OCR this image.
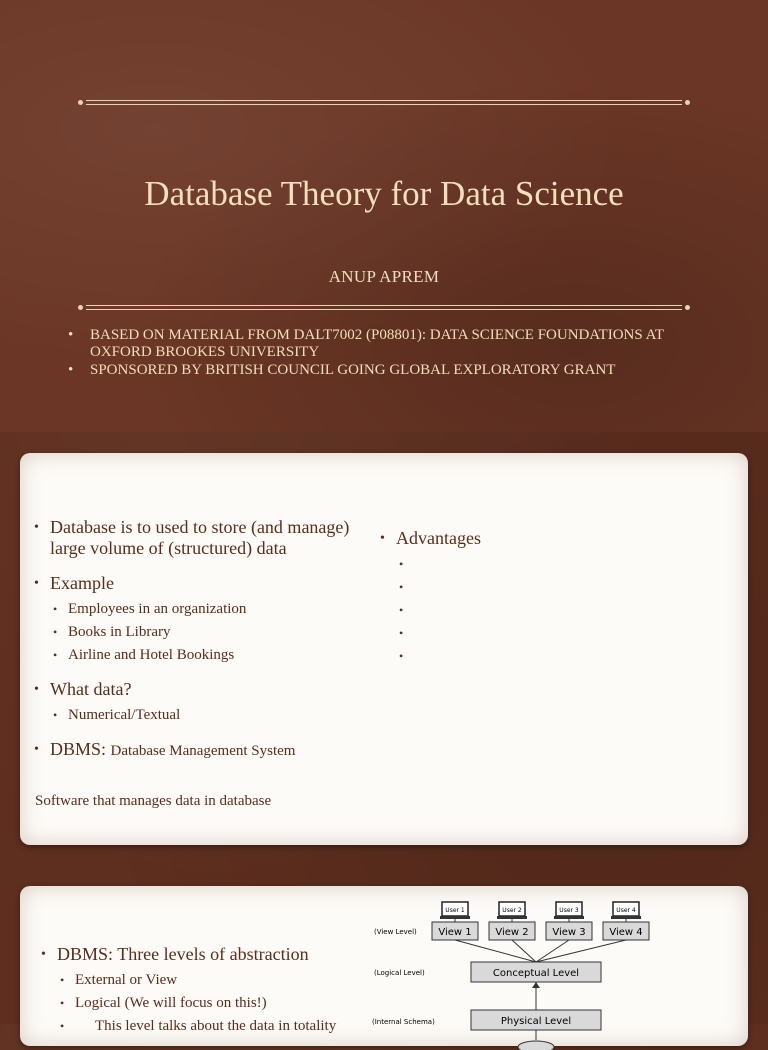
Database Theory for Data Science
ANUP APREM
• BASED ON MATERIAL FROM DALT7002 (P08801): DATA SCIENCE FOUNDATIONS AT OXFORD BROOKES UNIVERSITY
• SPONSORED BY BRITISH COUNCIL GOING GLOBAL EXPLORATORY GRANT
• Database is to used to store (and manage) large volume of (structured) data
• Example
• Employees in an organization
• Books in Library
• Airline and Hotel Bookings
• What data?
• Numerical/Textual
• DBMS: Database Management System
Software that manages data in database
• Advantages
•
•
•
•
•
• DBMS: Three levels of abstraction
• External or View
• Logical (We will focus on this!)
• This level talks about the data in totality
User 1	User 2	User 3	User 4
View 1 View 2 View 3 View 4
(View Level)
(Logical Level)
(Internal Schema)
Conceptual Level
Physical Level
